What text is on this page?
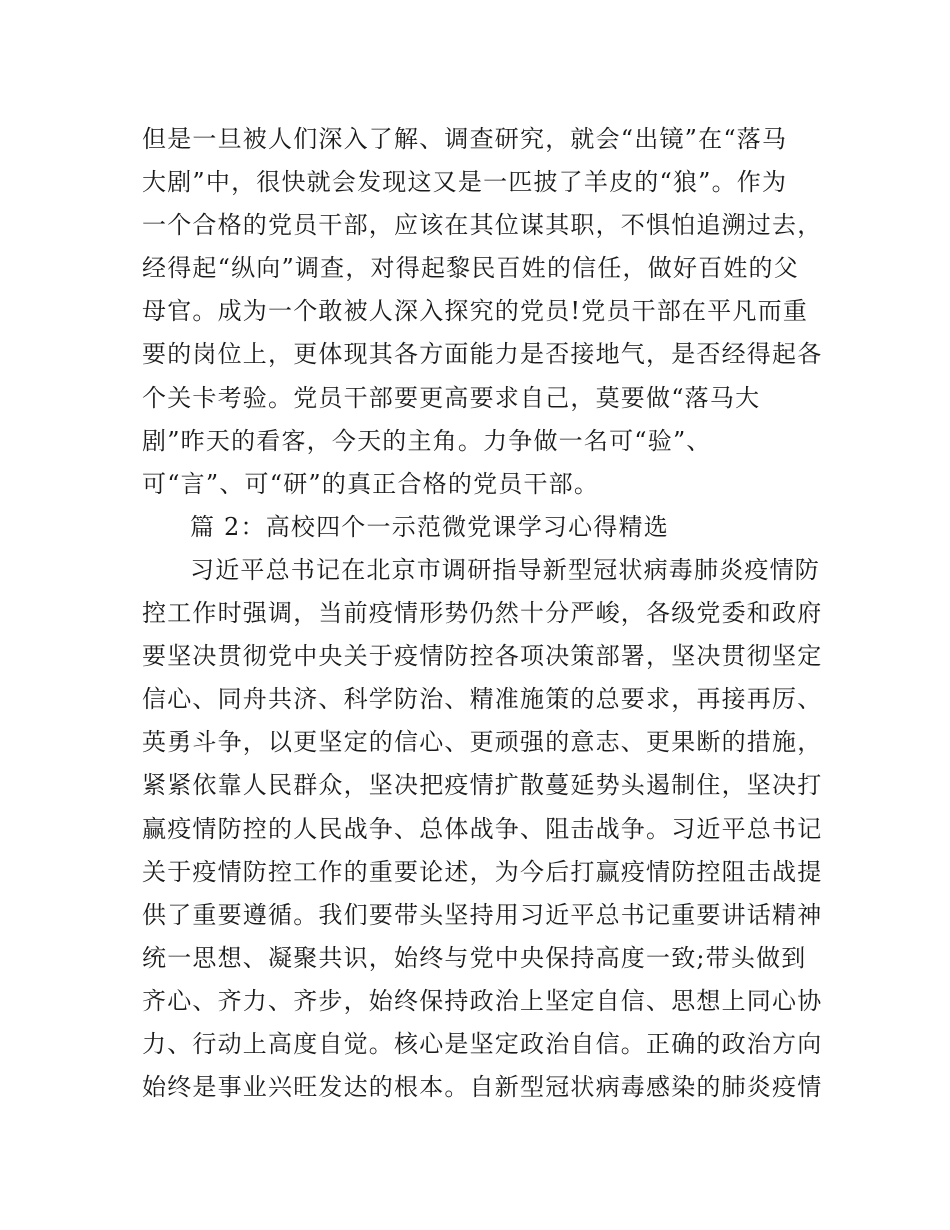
但是一旦被人们深入了解、调查研究，就会“出镜”在“落马
大剧”中，很快就会发现这又是一匹披了羊皮的“狼”。作为
一个合格的党员干部，应该在其位谋其职，不惧怕追溯过去，
经得起“纵向”调查，对得起黎民百姓的信任，做好百姓的父
母官。成为一个敢被人深入探究的党员!党员干部在平凡而重
要的岗位上，更体现其各方面能力是否接地气，是否经得起各
个关卡考验。党员干部要更高要求自己，莫要做“落马大
剧”昨天的看客，今天的主角。力争做一名可“验”、
可“言”、可“研”的真正合格的党员干部。
篇 2：高校四个一示范微党课学习心得精选
习近平总书记在北京市调研指导新型冠状病毒肺炎疫情防
控工作时强调，当前疫情形势仍然十分严峻，各级党委和政府
要坚决贯彻党中央关于疫情防控各项决策部署，坚决贯彻坚定
信心、同舟共济、科学防治、精准施策的总要求，再接再厉、
英勇斗争，以更坚定的信心、更顽强的意志、更果断的措施，
紧紧依靠人民群众，坚决把疫情扩散蔓延势头遏制住，坚决打
赢疫情防控的人民战争、总体战争、阻击战争。习近平总书记
关于疫情防控工作的重要论述，为今后打赢疫情防控阻击战提
供了重要遵循。我们要带头坚持用习近平总书记重要讲话精神
统一思想、凝聚共识，始终与党中央保持高度一致;带头做到
齐心、齐力、齐步，始终保持政治上坚定自信、思想上同心协
力、行动上高度自觉。核心是坚定政治自信。正确的政治方向
始终是事业兴旺发达的根本。自新型冠状病毒感染的肺炎疫情
